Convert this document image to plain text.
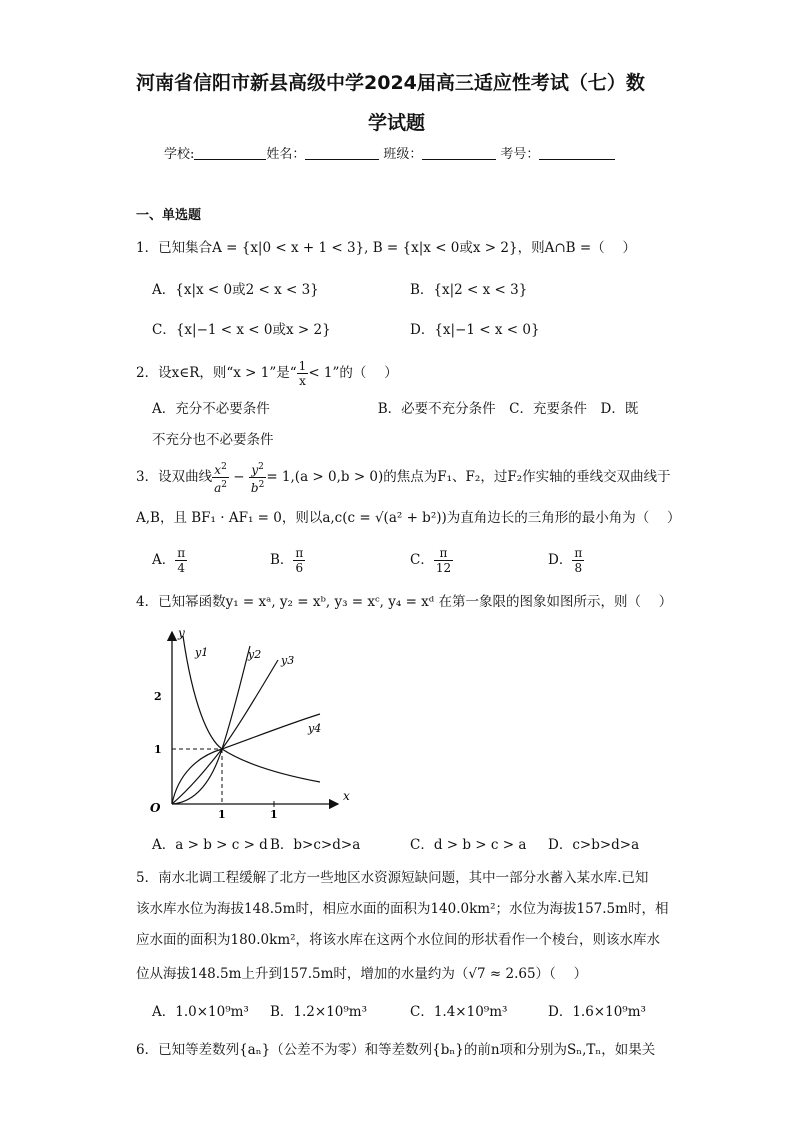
河南省信阳市新县高级中学2024届高三适应性考试（七）数
学试题
学校:	姓名：	班级：	考号：
一、单选题
1．已知集合A = {x|0 < x + 1 < 3}, B = {x|x < 0或x > 2}，则A∩B =（　 ）
A．{x|x < 0或2 < x < 3}	B．{x|2 < x < 3}
C．{x|−1 < x < 0或x > 2}	D．{x|−1 < x < 0}
2．设x∈R，则“x > 1”是“ $\frac{1}{x} < 1$”的（　 ）
A．充分不必要条件　　　　　　　　B．必要不充分条件　C．充要条件　D．既
不充分也不必要条件
3．设双曲线 $\frac{x^2}{a^2} - \frac{y^2}{b^2} = 1,(a > 0,b > 0)$的焦点为F₁、F₂，过F₂作实轴的垂线交双曲线于
A,B，且 BF₁ · AF₁ = 0，则以a,c(c = √(a² + b²))为直角边长的三角形的最小角为（　 ）
A． $\frac{\pi}{4}$	B． $\frac{\pi}{6}$	C． $\frac{\pi}{12}$	D． $\frac{\pi}{8}$
4．已知幂函数y₁ = xᵃ, y₂ = xᵇ, y₃ = xᶜ, y₄ = xᵈ 在第一象限的图象如图所示，则（　 ）
y
x
O	1	1
1
2
y1	y2 y3
y4
A．a > b > c > d B．b>c>d>a	C．d > b > c > a D．c>b>d>a
5．南水北调工程缓解了北方一些地区水资源短缺问题，其中一部分水蓄入某水库.已知
该水库水位为海拔148.5m时，相应水面的面积为140.0km²；水位为海拔157.5m时，相
应水面的面积为180.0km²，将该水库在这两个水位间的形状看作一个棱台，则该水库水
位从海拔148.5m上升到157.5m时，增加的水量约为（√7 ≈ 2.65）（　 ）
A．1.0×10⁹m³ B．1.2×10⁹m³	C．1.4×10⁹m³	D．1.6×10⁹m³
6．已知等差数列{aₙ}（公差不为零）和等差数列{bₙ}的前n项和分别为Sₙ,Tₙ，如果关
